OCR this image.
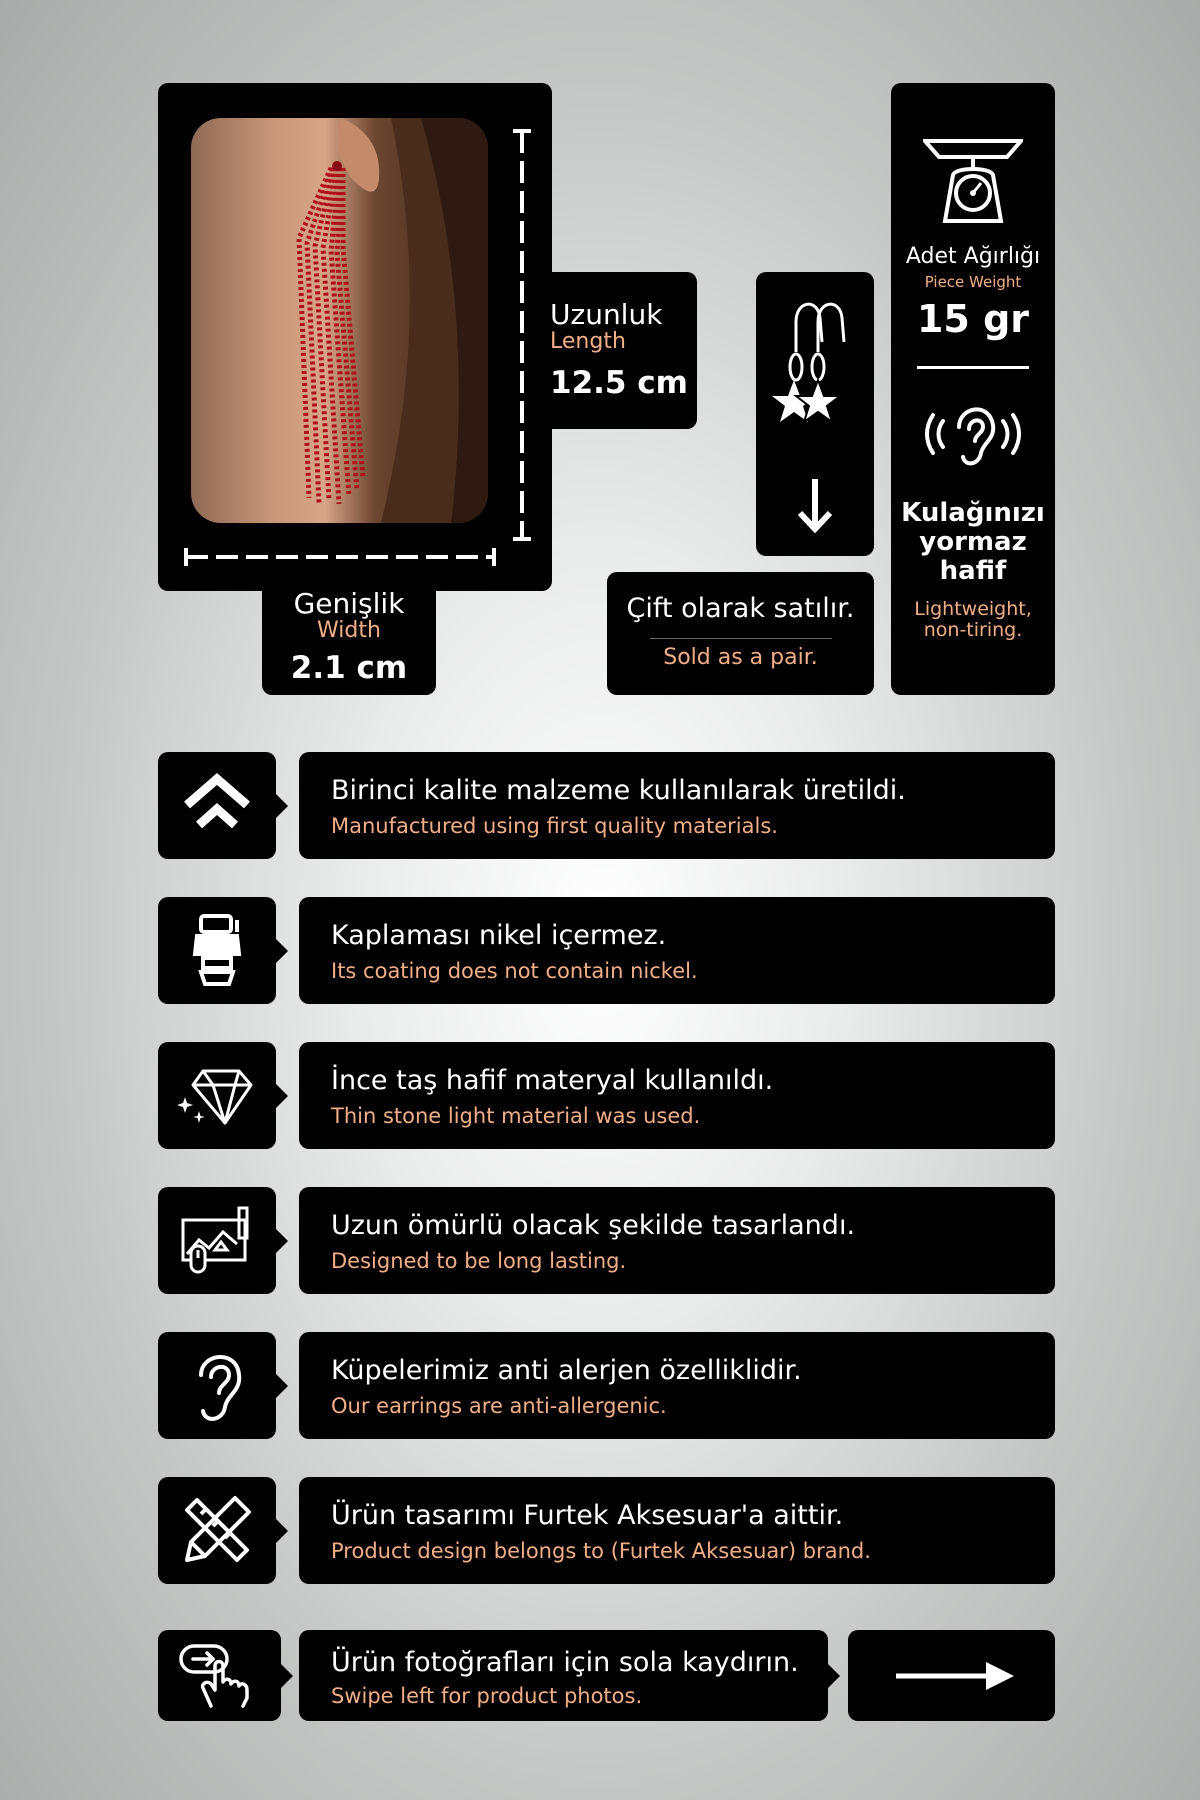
Uzunluk
Length
12.5 cm
Genişlik
Width
2.1 cm
Çift olarak satılır.
Sold as a pair.
Adet Ağırlığı
Piece Weight
15 gr
Kulağınızı
yormaz
hafif
Lightweight,
non-tiring.
Birinci kalite malzeme kullanılarak üretildi.
Manufactured using first quality materials.
Kaplaması nikel içermez.
Its coating does not contain nickel.
İnce taş hafif materyal kullanıldı.
Thin stone light material was used.
Uzun ömürlü olacak şekilde tasarlandı.
Designed to be long lasting.
Küpelerimiz anti alerjen özelliklidir.
Our earrings are anti-allergenic.
Ürün tasarımı Furtek Aksesuar'a aittir.
Product design belongs to (Furtek Aksesuar) brand.
Ürün fotoğrafları için sola kaydırın.
Swipe left for product photos.
